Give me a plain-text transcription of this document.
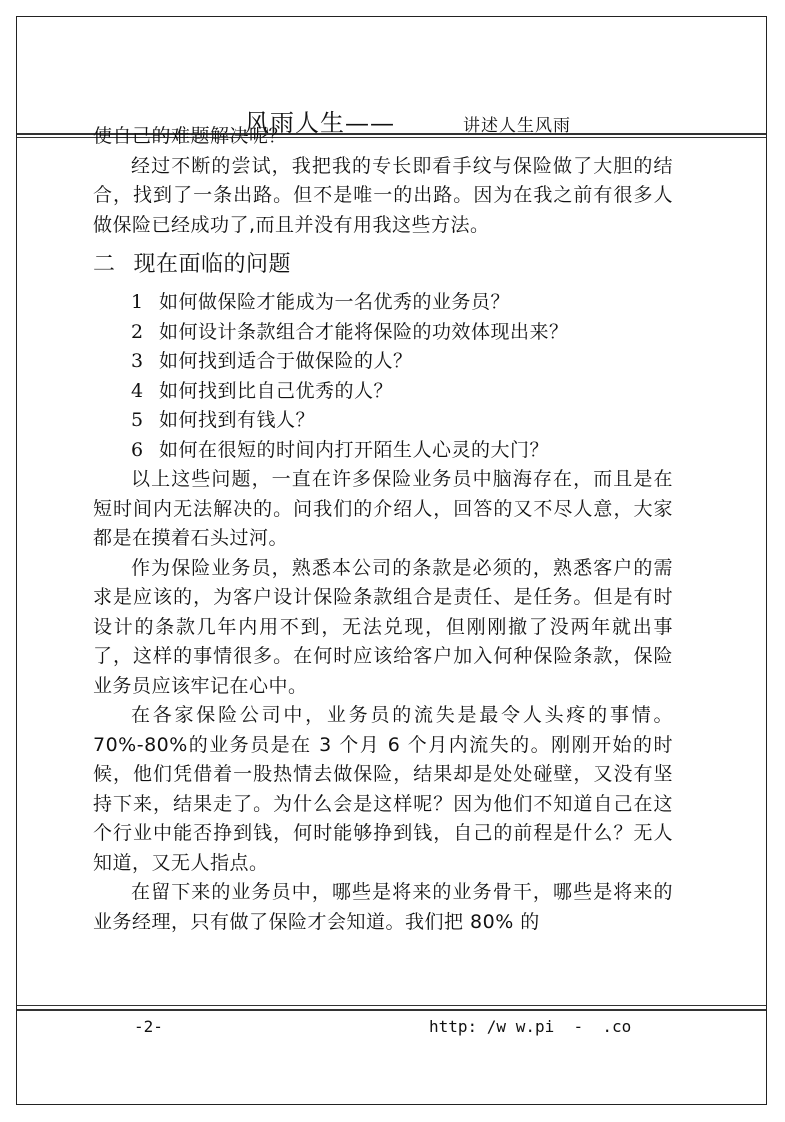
风雨人生——	讲述人生风雨
-2-	http: /w w.pi  -  .co

使自己的难题解决呢？

经过不断的尝试，我把我的专长即看手纹与保险做了大胆的结合，找到了一条出路。但不是唯一的出路。因为在我之前有很多人做保险已经成功了,而且并没有用我这些方法。

二 现在面临的问题
1 如何做保险才能成为一名优秀的业务员？
2 如何设计条款组合才能将保险的功效体现出来？
3 如何找到适合于做保险的人？
4 如何找到比自己优秀的人？
5 如何找到有钱人？
6 如何在很短的时间内打开陌生人心灵的大门？

以上这些问题，一直在许多保险业务员中脑海存在，而且是在短时间内无法解决的。问我们的介绍人，回答的又不尽人意，大家都是在摸着石头过河。

作为保险业务员，熟悉本公司的条款是必须的，熟悉客户的需求是应该的，为客户设计保险条款组合是责任、是任务。但是有时设计的条款几年内用不到，无法兑现，但刚刚撤了没两年就出事了，这样的事情很多。在何时应该给客户加入何种保险条款，保险业务员应该牢记在心中。

在各家保险公司中，业务员的流失是最令人头疼的事情。70%-80%的业务员是在 3 个月 6 个月内流失的。刚刚开始的时候，他们凭借着一股热情去做保险，结果却是处处碰壁，又没有坚持下来，结果走了。为什么会是这样呢？因为他们不知道自己在这个行业中能否挣到钱，何时能够挣到钱，自己的前程是什么？无人知道，又无人指点。

在留下来的业务员中，哪些是将来的业务骨干，哪些是将来的业务经理，只有做了保险才会知道。我们把 80% 的
